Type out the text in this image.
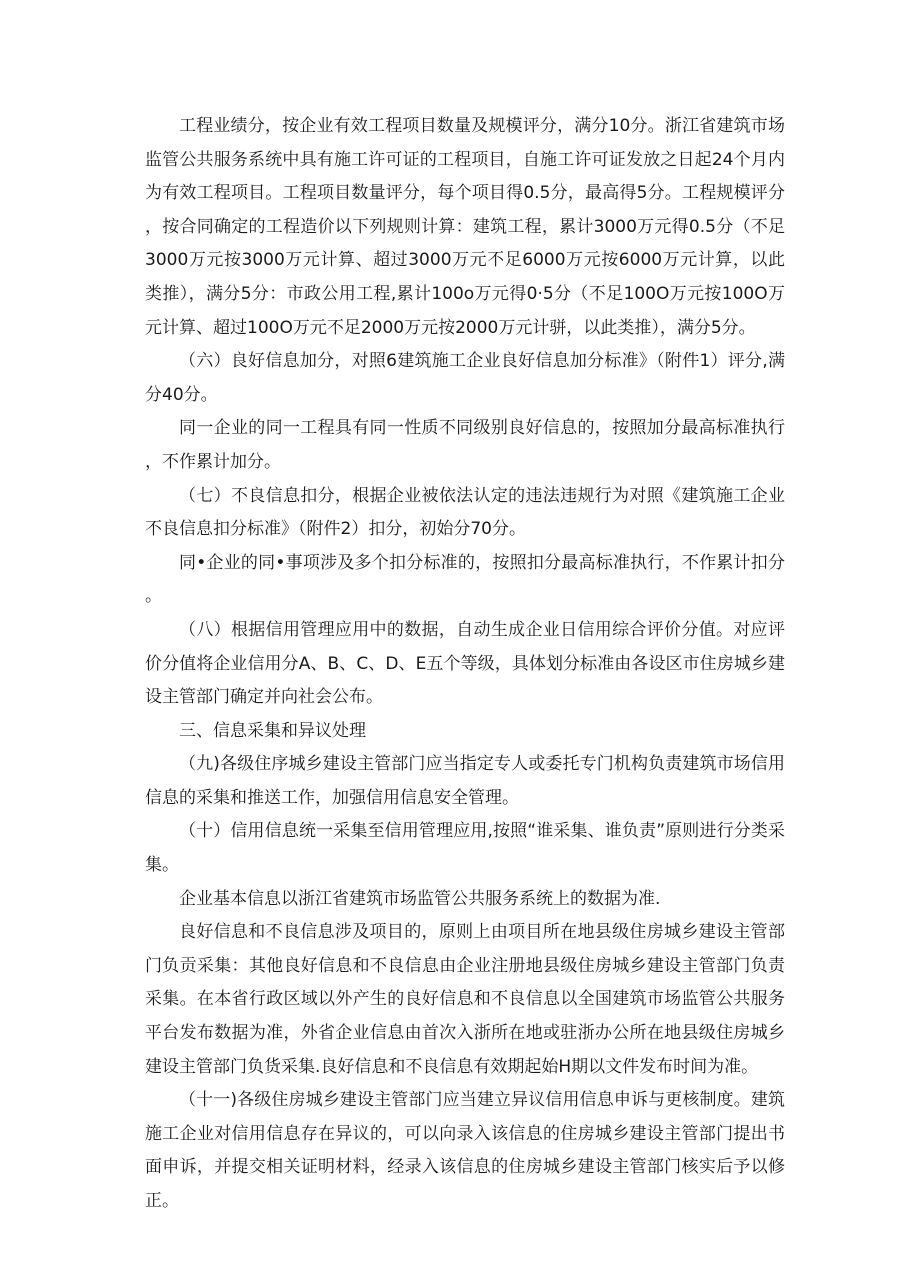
工程业绩分，按企业有效工程项目数量及规模评分，满分10分。浙江省建筑市场监管公共服务系统中具有施工许可证的工程项目，自施工许可证发放之日起24个月内为有效工程项目。工程项目数量评分，每个项目得0.5分，最高得5分。工程规模评分，按合同确定的工程造价以下列规则计算：建筑工程，累计3000万元得0.5分（不足3000万元按3000万元计算、超过3000万元不足6000万元按6000万元计算，以此类推），满分5分：市政公用工程,累计100o万元得0·5分（不足100O万元按100O万元计算、超过100O万元不足2000万元按2000万元计骈，以此类推），满分5分。

（六）良好信息加分，对照6建筑施工企业良好信息加分标准》（附件1）评分,满分40分。

同一企业的同一工程具有同一性质不同级别良好信息的，按照加分最高标准执行，不作累计加分。

（七）不良信息扣分，根据企业被依法认定的违法违规行为对照《建筑施工企业不良信息扣分标准》（附件2）扣分，初始分70分。

同•企业的同•事项涉及多个扣分标准的，按照扣分最高标准执行，不作累计扣分。

（八）根据信用管理应用中的数据，自动生成企业日信用综合评价分值。对应评价分值将企业信用分A、B、C、D、E五个等级，具体划分标准由各设区市住房城乡建设主管部门确定并向社会公布。

三、信息采集和异议处理

（九)各级住序城乡建设主管部门应当指定专人或委托专门机构负责建筑市场信用信息的采集和推送工作，加强信用信息安全管理。

（十）信用信息统一采集至信用管理应用,按照“谁采集、谁负责”原则进行分类采集。

企业基本信息以浙江省建筑市场监管公共服务系统上的数据为准.

良好信息和不良信息涉及项目的，原则上由项目所在地县级住房城乡建设主管部门负贡采集：其他良好信息和不良信息由企业注册地县级住房城乡建设主管部门负责采集。在本省行政区域以外产生的良好信息和不良信息以全国建筑市场监管公共服务平台发布数据为准，外省企业信息由首次入浙所在地或驻浙办公所在地县级住房城乡建设主管部门负货采集.良好信息和不良信息有效期起始H期以文件发布时间为准。

（十一)各级住房城乡建设主管部门应当建立异议信用信息申诉与更核制度。建筑施工企业对信用信息存在异议的，可以向录入该信息的住房城乡建设主管部门提出书面申诉，并提交相关证明材料，经录入该信息的住房城乡建设主管部门核实后予以修正。
